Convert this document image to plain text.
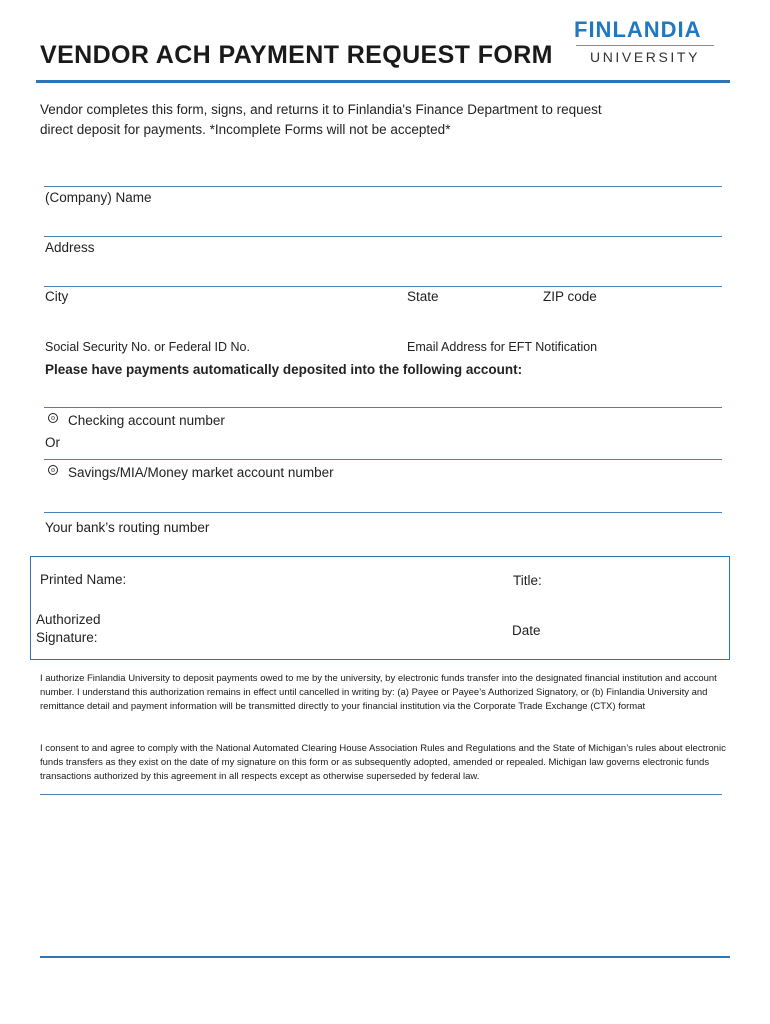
VENDOR ACH PAYMENT REQUEST FORM
FINLANDIA
UNIVERSITY
Vendor completes this form, signs, and returns it to Finlandia's Finance Department to request
direct deposit for payments. *Incomplete Forms will not be accepted*
(Company) Name
Address
City	State	ZIP code
Social Security No. or Federal ID No.	Email Address for EFT Notification
Please have payments automatically deposited into the following account:
Checking account number
Or
Savings/MIA/Money market account number
Your bank’s routing number
Printed Name:	Title:
Authorized
Signature:	Date
I authorize Finlandia University to deposit payments owed to me by the university, by electronic funds transfer into the designated financial institution and account number. I understand this authorization remains in effect until cancelled in writing by: (a) Payee or Payee’s Authorized Signatory, or (b) Finlandia University and remittance detail and payment information will be transmitted directly to your financial institution via the Corporate Trade Exchange (CTX) format
I consent to and agree to comply with the National Automated Clearing House Association Rules and Regulations and the State of Michigan’s rules about electronic funds transfers as they exist on the date of my signature on this form or as subsequently adopted, amended or repealed. Michigan law governs electronic funds transactions authorized by this agreement in all respects except as otherwise superseded by federal law.
